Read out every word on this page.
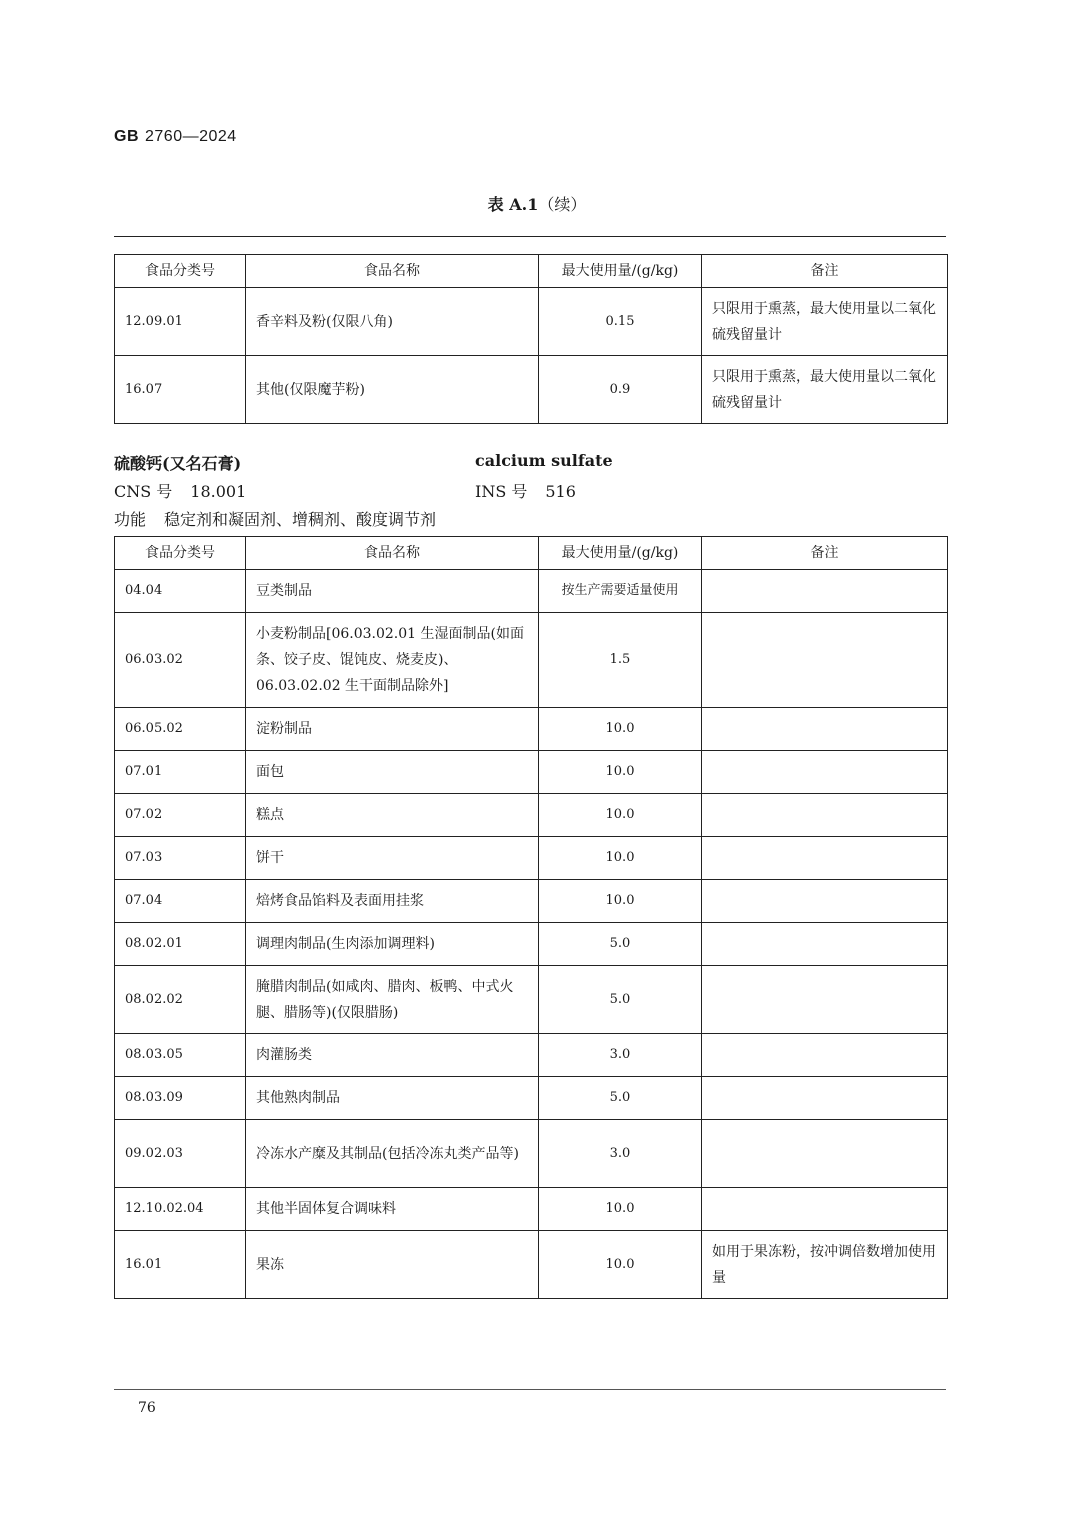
GB 2760—2024
表 A.1（续）
食品分类号	食品名称	最大使用量/(g/kg)	备注
12.09.01	香辛料及粉(仅限八角)	0.15	只限用于熏蒸，最大使用量以二氧化硫残留量计
16.07	其他(仅限魔芋粉)	0.9	只限用于熏蒸，最大使用量以二氧化硫残留量计
硫酸钙(又名石膏)	calcium sulfate
CNS 号 18.001	INS 号 516
功能 稳定剂和凝固剂、增稠剂、酸度调节剂
食品分类号	食品名称	最大使用量/(g/kg)	备注
04.04	豆类制品	按生产需要适量使用	
06.03.02	小麦粉制品[06.03.02.01 生湿面制品(如面条、饺子皮、馄饨皮、烧麦皮)、06.03.02.02 生干面制品除外]	1.5	
06.05.02	淀粉制品	10.0	
07.01	面包	10.0	
07.02	糕点	10.0	
07.03	饼干	10.0	
07.04	焙烤食品馅料及表面用挂浆	10.0	
08.02.01	调理肉制品(生肉添加调理料)	5.0	
08.02.02	腌腊肉制品(如咸肉、腊肉、板鸭、中式火腿、腊肠等)(仅限腊肠)	5.0	
08.03.05	肉灌肠类	3.0	
08.03.09	其他熟肉制品	5.0	
09.02.03	冷冻水产糜及其制品(包括冷冻丸类产品等)	3.0	
12.10.02.04	其他半固体复合调味料	10.0	
16.01	果冻	10.0	如用于果冻粉，按冲调倍数增加使用量
76
